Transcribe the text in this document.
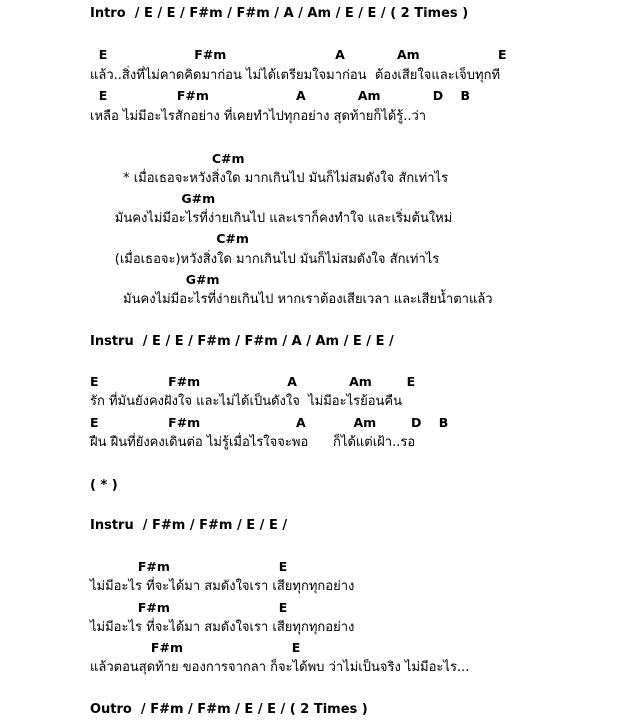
Intro  / E / E / F#m / F#m / A / Am / E / E / ( 2 Times )
E                    F#m                         A            Am                  E
แล้ว..สิ่งที่ไม่คาดคิดมาก่อน ไม่ได้เตรียมใจมาก่อน  ต้องเสียใจและเจ็บทุกที
E                F#m                    A            Am            D    B
เหลือ ไม่มีอะไรสักอย่าง ที่เคยทำไปทุกอย่าง สุดท้ายก็ได้รู้..ว่า
C#m
* เมื่อเธอจะหวังสิ่งใด มากเกินไป มันก็ไม่สมดังใจ สักเท่าไร
G#m
มันคงไม่มีอะไรที่ง่ายเกินไป และเราก็คงทำใจ และเริ่มต้นใหม่
C#m
(เมื่อเธอจะ)หวังสิ่งใด มากเกินไป มันก็ไม่สมดังใจ สักเท่าไร
G#m
มันคงไม่มีอะไรที่ง่ายเกินไป หากเราต้องเสียเวลา และเสียน้ำตาแล้ว
Instru  / E / E / F#m / F#m / A / Am / E / E /
E                F#m                    A            Am        E
รัก ที่มันยังคงฝังใจ และไม่ได้เป็นดังใจ  ไม่มีอะไรย้อนคืน
E                F#m                      A           Am        D    B
ฝืน ฝืนที่ยังคงเดินต่อ ไม่รู้เมื่อไรใจจะพอ      ก็ได้แต่เฝ้า..รอ
( * )
Instru  / F#m / F#m / E / E /
F#m                         E
ไม่มีอะไร ที่จะได้มา สมดังใจเรา เสียทุกทุกอย่าง
F#m                         E
ไม่มีอะไร ที่จะได้มา สมดังใจเรา เสียทุกทุกอย่าง
F#m                         E
แล้วตอนสุดท้าย ของการจากลา ก็จะได้พบ ว่าไม่เป็นจริง ไม่มีอะไร...
Outro  / F#m / F#m / E / E / ( 2 Times )
